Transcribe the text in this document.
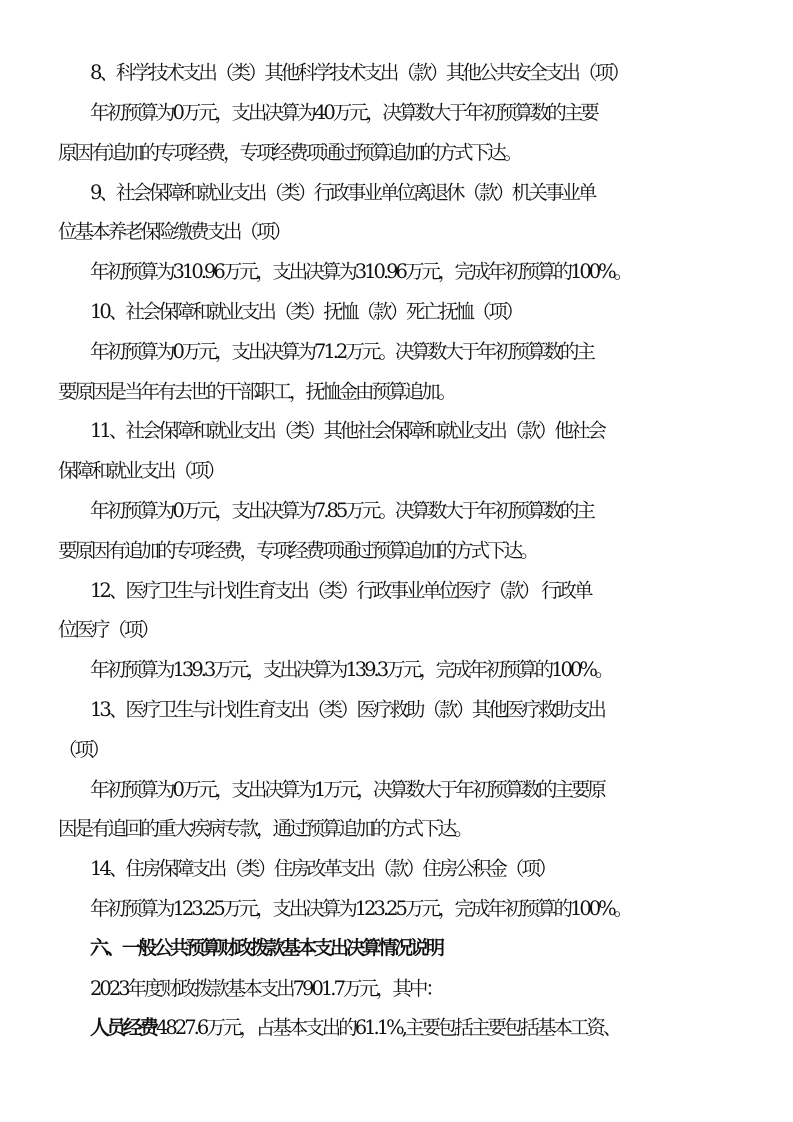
8、科学技术支出（类）其他科学技术支出（款）其他公共安全支出（项）
年初预算为0万元，支出决算为40万元，决算数大于年初预算数的主要
原因有追加的专项经费，专项经费项通过预算追加的方式下达。
9、社会保障和就业支出（类）行政事业单位离退休（款）机关事业单
位基本养老保险缴费支出（项）
年初预算为310.96万元，支出决算为310.96万元，完成年初预算的100%。
10、社会保障和就业支出（类）抚恤（款）死亡抚恤（项）
年初预算为0万元，支出决算为71.2万元。决算数大于年初预算数的主
要原因是当年有去世的干部职工，抚恤金由预算追加。
11、社会保障和就业支出（类）其他社会保障和就业支出（款）他社会
保障和就业支出（项）
年初预算为0万元，支出决算为7.85万元。决算数大于年初预算数的主
要原因有追加的专项经费，专项经费项通过预算追加的方式下达。
12、医疗卫生与计划生育支出（类）行政事业单位医疗（款） 行政单
位医疗（项）
年初预算为139.3万元，支出决算为139.3万元，完成年初预算的100%。
13、医疗卫生与计划生育支出（类）医疗救助（款）其他医疗救助支出
（项）
年初预算为0万元，支出决算为1万元，决算数大于年初预算数的主要原
因是有追回的重大疾病专款，通过预算追加的方式下达。
14、住房保障支出（类）住房改革支出（款）住房公积金（项）
年初预算为123.25万元，支出决算为123.25万元，完成年初预算的100%。
六、一般公共预算财政拨款基本支出决算情况说明
2023年度财政拨款基本支出7901.7万元，其中：
人员经费4827.6万元，占基本支出的61.1%,主要包括主要包括基本工资、
